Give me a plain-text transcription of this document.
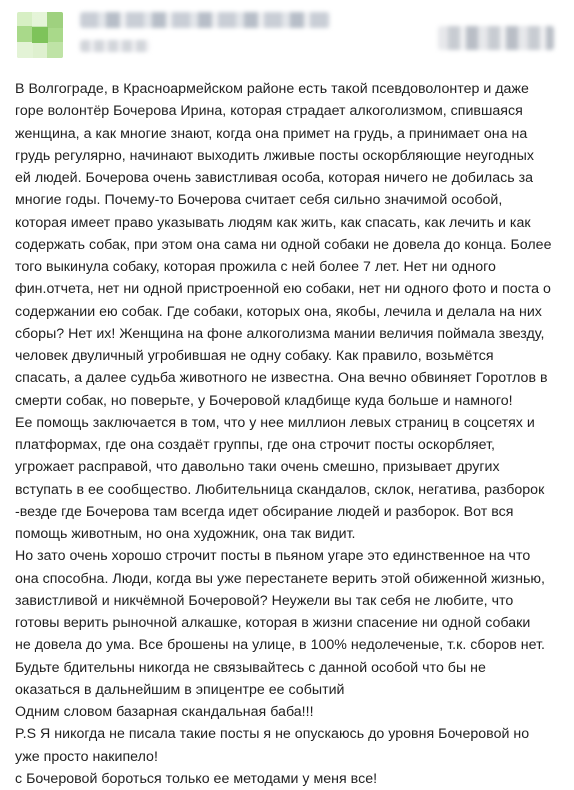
В Волгограде, в Красноармейском районе есть такой псевдоволонтер и даже

горе волонтёр Бочерова Ирина, которая страдает алкоголизмом, спившаяся

женщина, а как многие знают, когда она примет на грудь, а принимает она на

грудь регулярно, начинают выходить лживые посты оскорбляющие неугодных

ей людей. Бочерова очень завистливая особа, которая ничего не добилась за

многие годы. Почему-то Бочерова считает себя сильно значимой особой,

которая имеет право указывать людям как жить, как спасать, как лечить и как

содержать собак, при этом она сама ни одной собаки не довела до конца. Более

того выкинула собаку, которая прожила с ней более 7 лет. Нет ни одного

фин.отчета, нет ни одной пристроенной ею собаки, нет ни одного фото и поста о

содержании ею собак. Где собаки, которых она, якобы, лечила и делала на них

сборы? Нет их! Женщина на фоне алкоголизма мании величия поймала звезду,

человек двуличный угробившая не одну собаку. Как правило, возьмётся

спасать, а далее судьба животного не известна. Она вечно обвиняет Горотлов в

смерти собак, но поверьте, у Бочеровой кладбище куда больше и намного!

Ее помощь заключается в том, что у нее миллион левых страниц в соцсетях и

платформах, где она создаёт группы, где она строчит посты оскорбляет,

угрожает расправой, что давольно таки очень смешно, призывает других

вступать в ее сообщество. Любительница скандалов, склок, негатива, разборок

-везде где Бочерова там всегда идет обсирание людей и разборок. Вот вся

помощь животным, но она художник, она так видит.

Но зато очень хорошо строчит посты в пьяном угаре это единственное на что

она способна. Люди, когда вы уже перестанете верить этой обиженной жизнью,

завистливой и никчёмной Бочеровой? Неужели вы так себя не любите, что

готовы верить рыночной алкашке, которая в жизни спасение ни одной собаки

не довела до ума. Все брошены на улице, в 100% недолеченые, т.к. сборов нет.

Будьте бдительны никогда не связывайтесь с данной особой что бы не

оказаться в дальнейшим в эпицентре ее событий

Одним словом базарная скандальная баба!!!

P.S Я никогда не писала такие посты я не опускаюсь до уровня Бочеровой но

уже просто накипело!

с Бочеровой бороться только ее методами у меня все!
